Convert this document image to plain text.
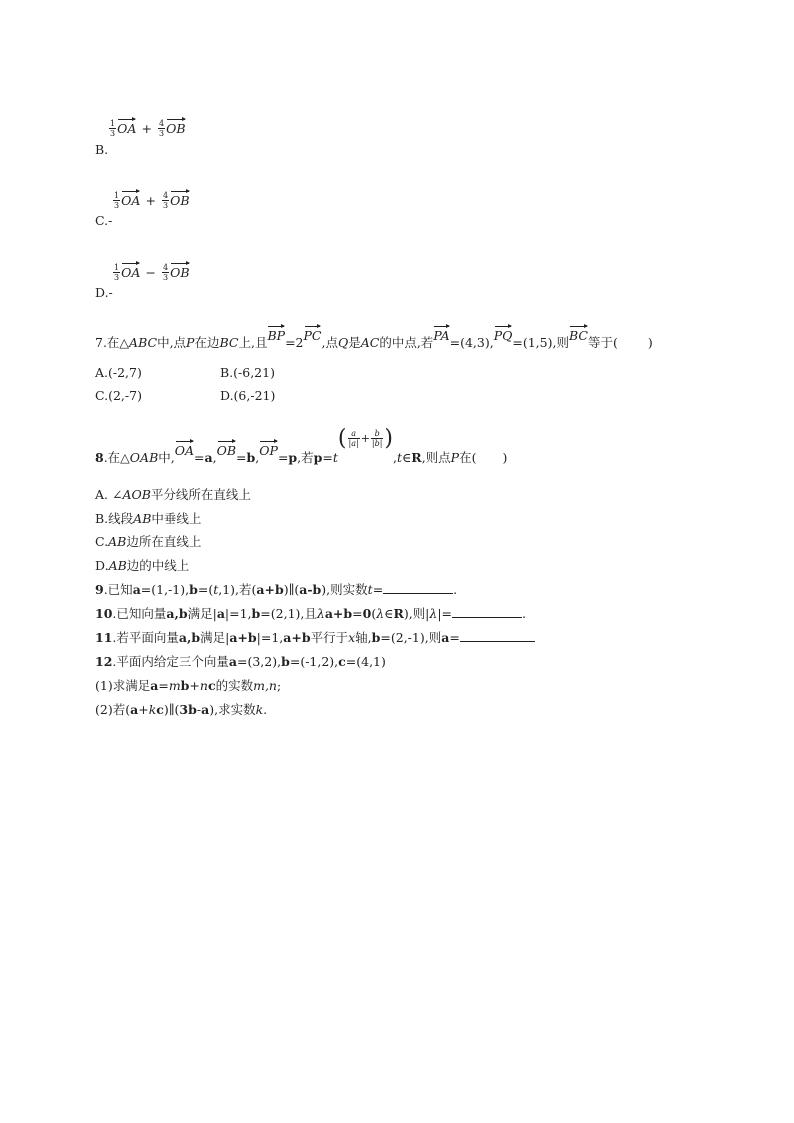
$\frac{1}{3}$ OA + $\frac{4}{3}$ OB
B.
$\frac{1}{3}$ OA + $\frac{4}{3}$ OB
C.-
$\frac{1}{3}$ OA − $\frac{4}{3}$ OB
D.-
7.在△ABC中,点P在边BC上,且BP=2PC,点Q是AC的中点,若PA=(4,3),PQ=(1,5),则BC等于( )
A.(-2,7)	B.(-6,21)
C.(2,-7)	D.(6,-21)
8.在△OAB中,OA=a,OB=b,OP=p,若$p=t( \frac{a}{|a|} + \frac{b}{|b|}$ ),t∈R,则点P在( )
A. ∠AOB平分线所在直线上
B.线段AB中垂线上
C.AB边所在直线上
D.AB边的中线上
9.已知a=(1,-1),b=(t,1),若(a+b)∥(a-b),则实数t=	.
10.已知向量a,b满足|a|=1,b=(2,1),且λa+b=0(λ∈R),则|λ|=	.
11.若平面向量a,b满足|a+b|=1,a+b平行于x轴,b=(2,-1),则a=
12.平面内给定三个向量a=(3,2),b=(-1,2),c=(4,1)
(1)求满足a=mb+nc的实数m,n;
(2)若(a+kc)∥(3b-a),求实数k.
